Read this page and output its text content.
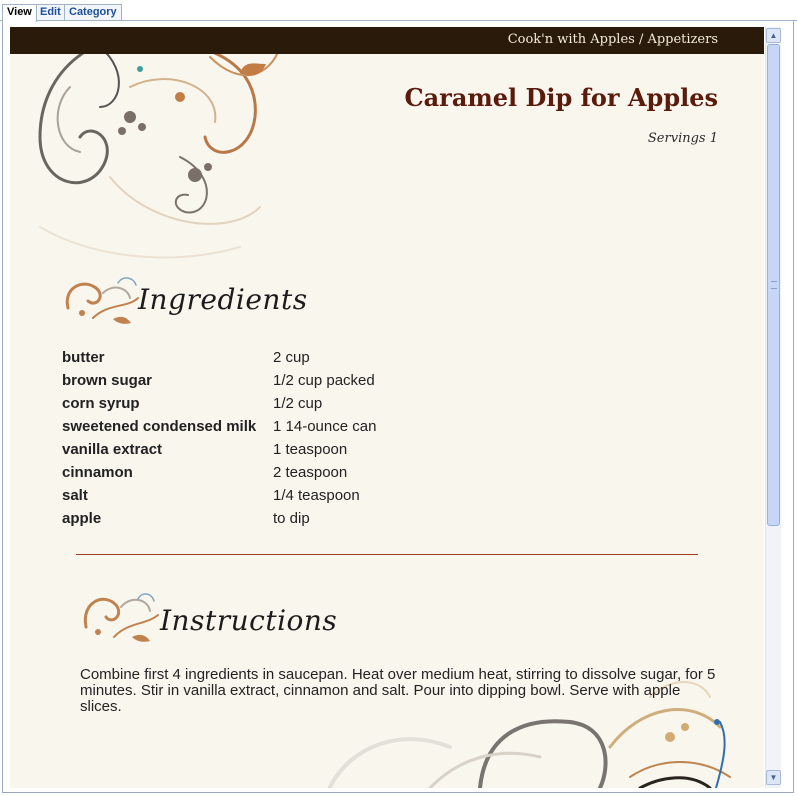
View Edit Category
Cook'n with Apples / Appetizers
Caramel Dip for Apples
Servings 1
Ingredients
butter	2 cup
brown sugar	1/2 cup packed
corn syrup	1/2 cup
sweetened condensed milk	1 14-ounce can
vanilla extract	1 teaspoon
cinnamon	2 teaspoon
salt	1/4 teaspoon
apple	to dip
Instructions
Combine first 4 ingredients in saucepan. Heat over medium heat, stirring to dissolve sugar, for 5 minutes. Stir in vanilla extract, cinnamon and salt. Pour into dipping bowl. Serve with apple slices.
▲
▼
